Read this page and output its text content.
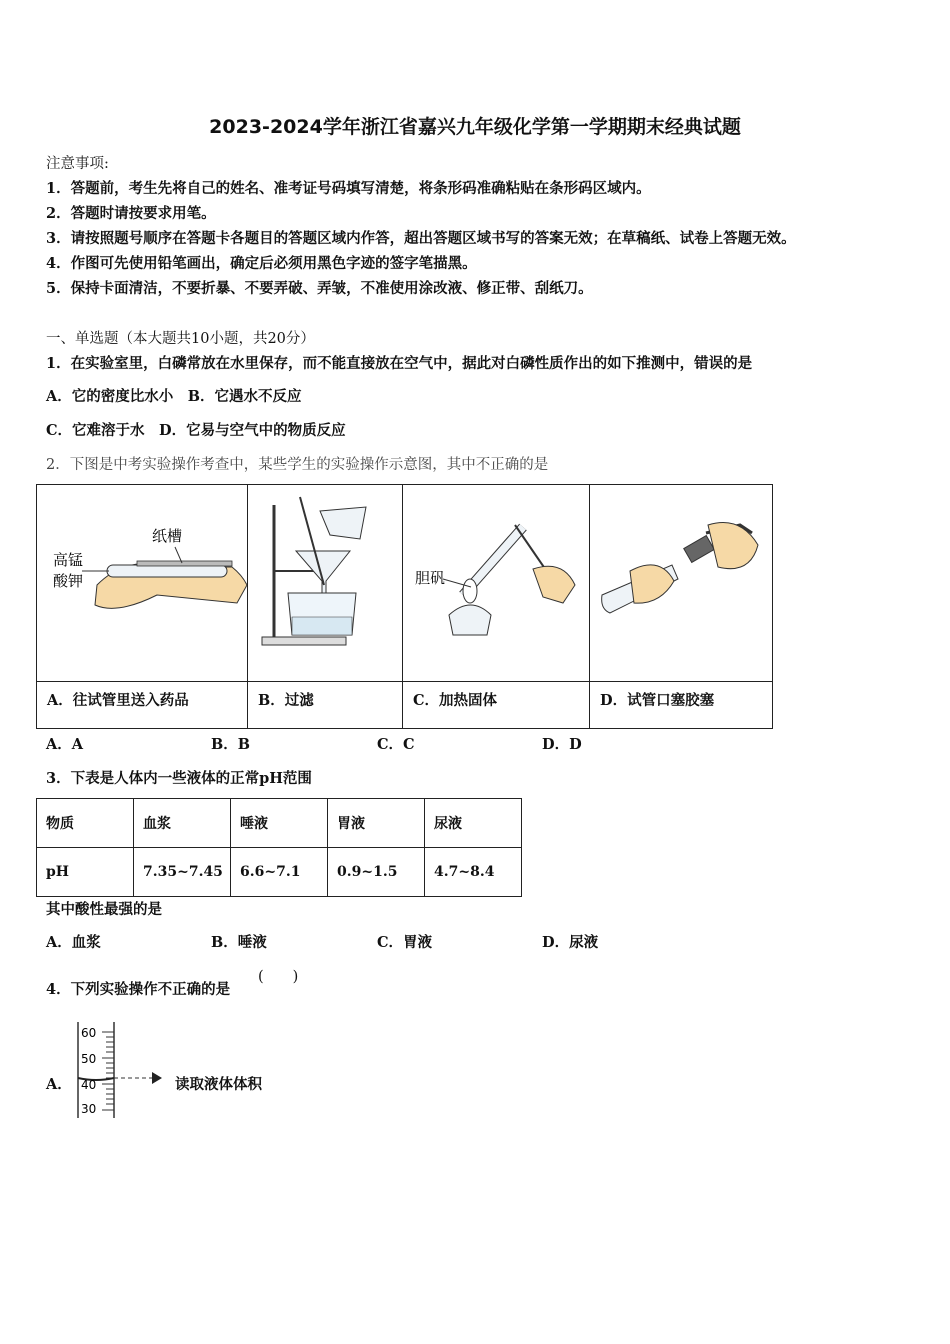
2023-2024学年浙江省嘉兴九年级化学第一学期期末经典试题
注意事项:
1．答题前，考生先将自己的姓名、准考证号码填写清楚，将条形码准确粘贴在条形码区域内。
2．答题时请按要求用笔。
3．请按照题号顺序在答题卡各题目的答题区域内作答，超出答题区域书写的答案无效；在草稿纸、试卷上答题无效。
4．作图可先使用铅笔画出，确定后必须用黑色字迹的签字笔描黑。
5．保持卡面清洁，不要折暴、不要弄破、弄皱，不准使用涂改液、修正带、刮纸刀。
一、单选题（本大题共10小题，共20分）
1．在实验室里，白磷常放在水里保存，而不能直接放在空气中，据此对白磷性质作出的如下推测中，错误的是
A．它的密度比水小　B．它遇水不反应
C．它难溶于水　D．它易与空气中的物质反应
2．下图是中考实验操作考查中，某些学生的实验操作示意图，其中不正确的是
纸槽
高锰
酸钾		胆矾

A．往试管里送入药品	B．过滤	C．加热固体	D．试管口塞胶塞
A．A	B．B	C．C	D．D
3．下表是人体内一些液体的正常pH范围
物质	血浆	唾液	胃液	尿液
pH	7.35~7.45	6.6~7.1	0.9~1.5	4.7~8.4
其中酸性最强的是
A．血浆	B．唾液	C．胃液	D．尿液
4．下列实验操作不正确的是
(　　)
A．
60
50
40
30
读取液体体积
